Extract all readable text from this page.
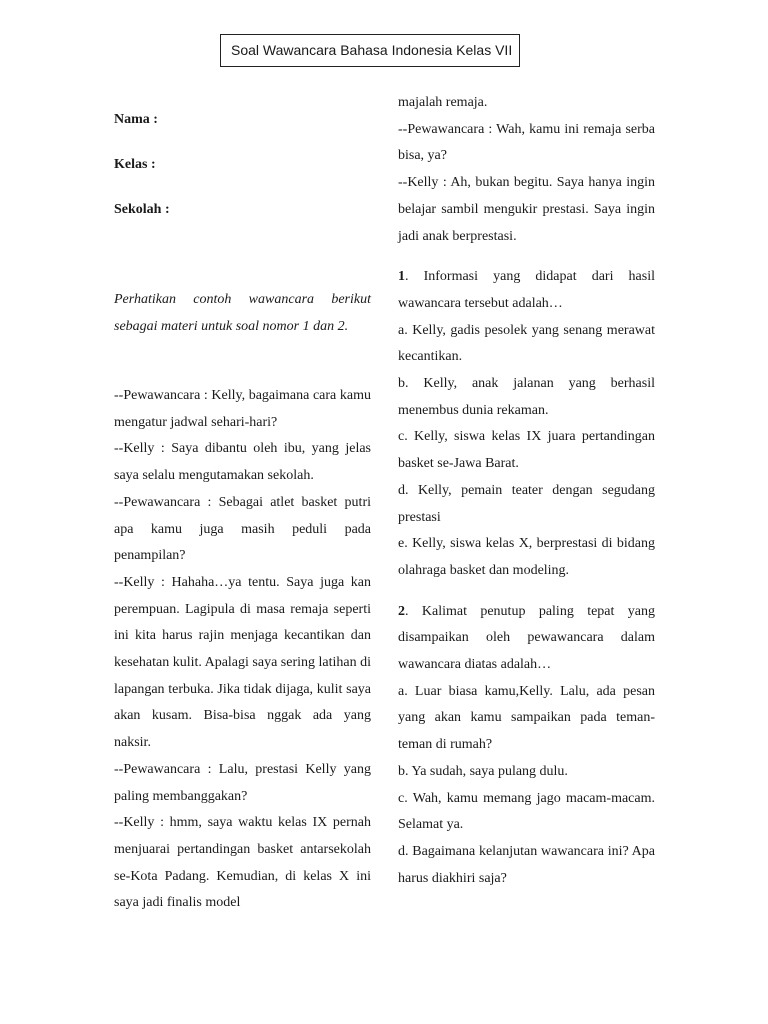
Soal Wawancara Bahasa Indonesia Kelas VII
Nama :
Kelas :
Sekolah :

Perhatikan contoh wawancara berikut sebagai materi untuk soal nomor 1 dan 2.

--Pewawancara : Kelly, bagaimana cara kamu mengatur jadwal sehari-hari?

--Kelly : Saya dibantu oleh ibu, yang jelas saya selalu mengutamakan sekolah.

--Pewawancara : Sebagai atlet basket putri apa kamu juga masih peduli pada penampilan?

--Kelly : Hahaha…ya tentu. Saya juga kan perempuan. Lagipula di masa remaja seperti ini kita harus rajin menjaga kecantikan dan kesehatan kulit. Apalagi saya sering latihan di lapangan terbuka. Jika tidak dijaga, kulit saya akan kusam. Bisa-bisa nggak ada yang naksir.

--Pewawancara : Lalu, prestasi Kelly yang paling membanggakan?

--Kelly : hmm, saya waktu kelas IX pernah menjuarai pertandingan basket antarsekolah se-Kota Padang. Kemudian, di kelas X ini saya jadi finalis model

majalah remaja.

--Pewawancara : Wah, kamu ini remaja serba bisa, ya?

--Kelly : Ah, bukan begitu. Saya hanya ingin belajar sambil mengukir prestasi. Saya ingin jadi anak berprestasi.

1. Informasi yang didapat dari hasil wawancara tersebut adalah…

a. Kelly, gadis pesolek yang senang merawat kecantikan.

b. Kelly, anak jalanan yang berhasil menembus dunia rekaman.

c. Kelly, siswa kelas IX juara pertandingan basket se-Jawa Barat.

d. Kelly, pemain teater dengan segudang prestasi

e. Kelly, siswa kelas X, berprestasi di bidang olahraga basket dan modeling.

2. Kalimat penutup paling tepat yang disampaikan oleh pewawancara dalam wawancara diatas adalah…

a. Luar biasa kamu,Kelly. Lalu, ada pesan yang akan kamu sampaikan pada teman-teman di rumah?

b. Ya sudah, saya pulang dulu.

c. Wah, kamu memang jago macam-macam. Selamat ya.

d. Bagaimana kelanjutan wawancara ini? Apa harus diakhiri saja?
